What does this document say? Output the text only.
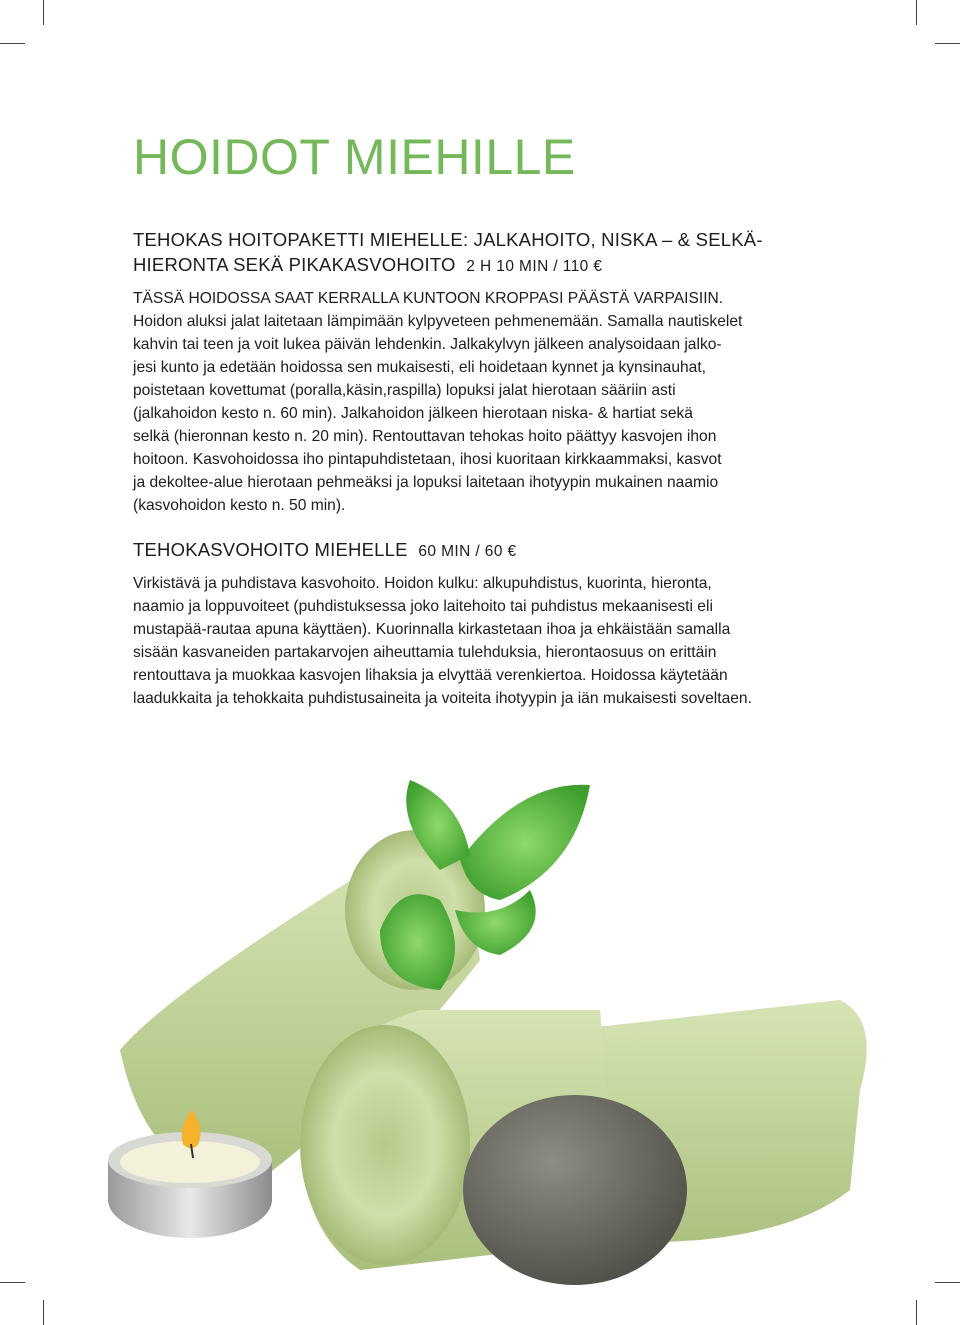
HOIDOT MIEHILLE
TEHOKAS HOITOPAKETTI MIEHELLE: JALKAHOITO, NISKA – & SELKÄ-
HIERONTA SEKÄ PIKAKASVOHOITO 2 H 10 MIN / 110 €

TÄSSÄ HOIDOSSA SAAT KERRALLA KUNTOON KROPPASI PÄÄSTÄ VARPAISIIN.
Hoidon aluksi jalat laitetaan lämpimään kylpyveteen pehmenemään. Samalla nautiskelet
kahvin tai teen ja voit lukea päivän lehdenkin. Jalkakylvyn jälkeen analysoidaan jalko-
jesi kunto ja edetään hoidossa sen mukaisesti, eli hoidetaan kynnet ja kynsinauhat,
poistetaan kovettumat (poralla,käsin,raspilla) lopuksi jalat hierotaan sääriin asti
(jalkahoidon kesto n. 60 min). Jalkahoidon jälkeen hierotaan niska- & hartiat sekä
selkä (hieronnan kesto n. 20 min). Rentouttavan tehokas hoito päättyy kasvojen ihon
hoitoon. Kasvohoidossa iho pintapuhdistetaan, ihosi kuoritaan kirkkaammaksi, kasvot
ja dekoltee-alue hierotaan pehmeäksi ja lopuksi laitetaan ihotyypin mukainen naamio
(kasvohoidon kesto n. 50 min).

TEHOKASVOHOITO MIEHELLE 60 MIN / 60 €

Virkistävä ja puhdistava kasvohoito. Hoidon kulku: alkupuhdistus, kuorinta, hieronta,
naamio ja loppuvoiteet (puhdistuksessa joko laitehoito tai puhdistus mekaanisesti eli
mustapää-rautaa apuna käyttäen). Kuorinnalla kirkastetaan ihoa ja ehkäistään samalla
sisään kasvaneiden partakarvojen aiheuttamia tulehduksia, hierontaosuus on erittäin
rentouttava ja muokkaa kasvojen lihaksia ja elvyttää verenkiertoa. Hoidossa käytetään
laadukkaita ja tehokkaita puhdistusaineita ja voiteita ihotyypin ja iän mukaisesti soveltaen.
